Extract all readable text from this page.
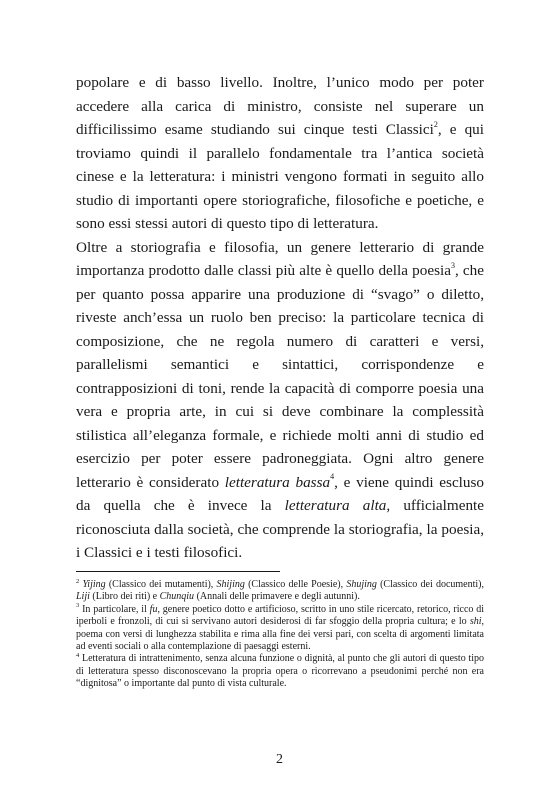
popolare e di basso livello. Inoltre, l’unico modo per poter accedere alla carica di ministro, consiste nel superare un difficilissimo esame studiando sui cinque testi Classici$^2$, e qui troviamo quindi il parallelo fondamentale tra l’antica società cinese e la letteratura: i ministri vengono formati in seguito allo studio di importanti opere storiografiche, filosofiche e poetiche, e sono essi stessi autori di questo tipo di letteratura.

Oltre a storiografia e filosofia, un genere letterario di grande importanza prodotto dalle classi più alte è quello della poesia$^3$, che per quanto possa apparire una produzione di “svago” o diletto, riveste anch’essa un ruolo ben preciso: la particolare tecnica di composizione, che ne regola numero di caratteri e versi, parallelismi semantici e sintattici, corrispondenze e contrapposizioni di toni, rende la capacità di comporre poesia una vera e propria arte, in cui si deve combinare la complessità stilistica all’eleganza formale, e richiede molti anni di studio ed esercizio per poter essere padroneggiata. Ogni altro genere letterario è considerato letteratura bassa$^4$, e viene quindi escluso da quella che è invece la letteratura alta, ufficialmente riconosciuta dalla società, che comprende la storiografia, la poesia, i Classici e i testi filosofici.

$^2$ Yijing (Classico dei mutamenti), Shijing (Classico delle Poesie), Shujing (Classico dei documenti), Liji (Libro dei riti) e Chunqiu (Annali delle primavere e degli autunni).

$^3$ In particolare, il fu, genere poetico dotto e artificioso, scritto in uno stile ricercato, retorico, ricco di iperboli e fronzoli, di cui si servivano autori desiderosi di far sfoggio della propria cultura; e lo shi, poema con versi di lunghezza stabilita e rima alla fine dei versi pari, con scelta di argomenti limitata ad eventi sociali o alla contemplazione di paesaggi esterni.

$^4$ Letteratura di intrattenimento, senza alcuna funzione o dignità, al punto che gli autori di questo tipo di letteratura spesso disconoscevano la propria opera o ricorrevano a pseudonimi perché non era “dignitosa” o importante dal punto di vista culturale.

2
